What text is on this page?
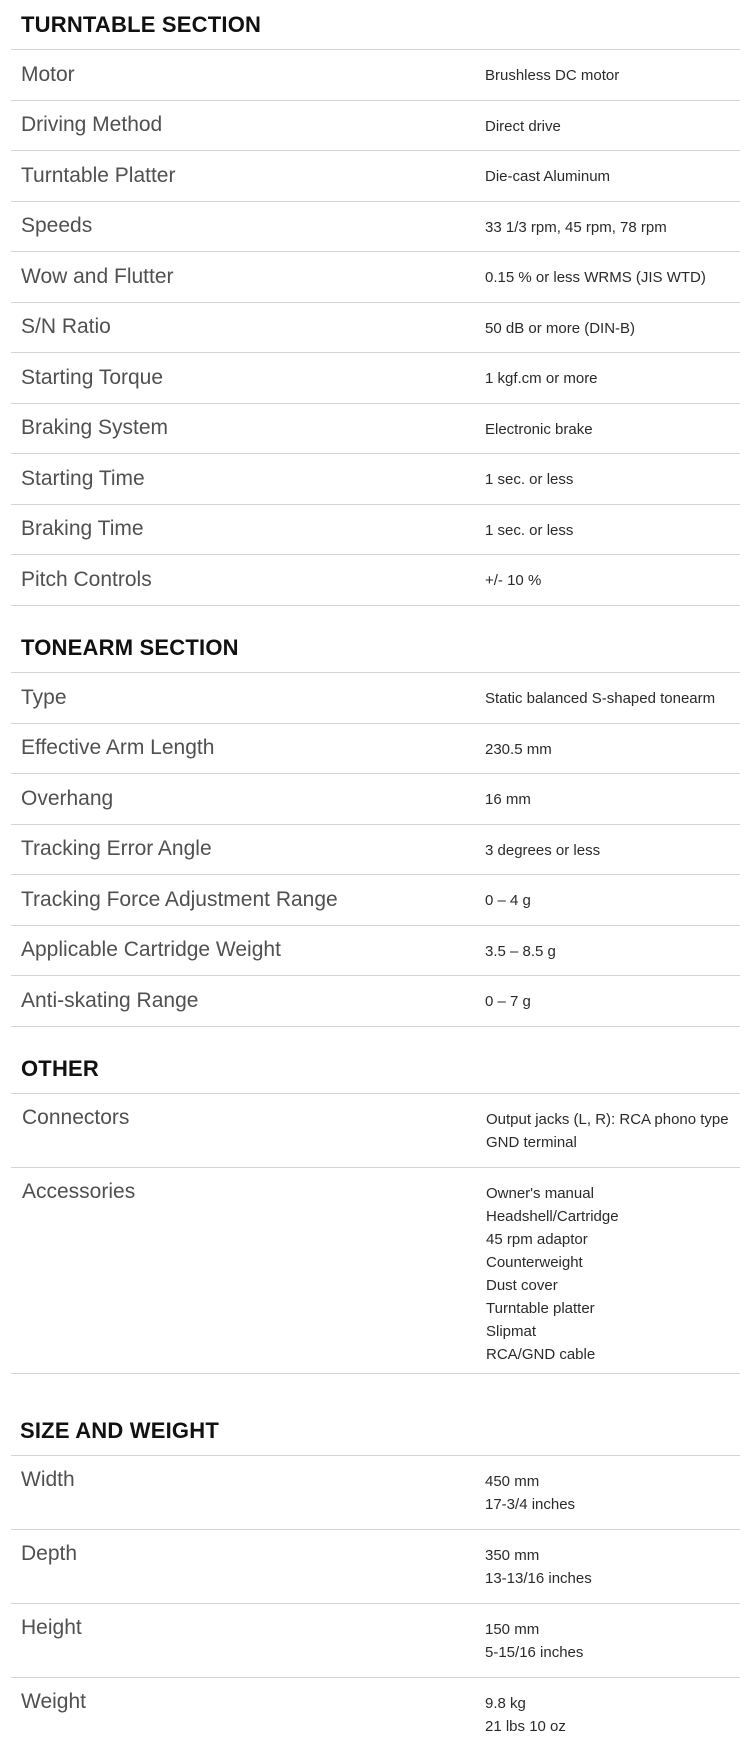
TURNTABLE SECTION
Motor	Brushless DC motor
Driving Method	Direct drive
Turntable Platter	Die-cast Aluminum
Speeds	33 1/3 rpm, 45 rpm, 78 rpm
Wow and Flutter	0.15 % or less WRMS (JIS WTD)
S/N Ratio	50 dB or more (DIN-B)
Starting Torque	1 kgf.cm or more
Braking System	Electronic brake
Starting Time	1 sec. or less
Braking Time	1 sec. or less
Pitch Controls	+/- 10 %
TONEARM SECTION
Type	Static balanced S-shaped tonearm
Effective Arm Length	230.5 mm
Overhang	16 mm
Tracking Error Angle	3 degrees or less
Tracking Force Adjustment Range	0 – 4 g
Applicable Cartridge Weight	3.5 – 8.5 g
Anti-skating Range	0 – 7 g
OTHER
Connectors	Output jacks (L, R): RCA phono type
GND terminal
Accessories	Owner's manual
Headshell/Cartridge
45 rpm adaptor
Counterweight
Dust cover
Turntable platter
Slipmat
RCA/GND cable
SIZE AND WEIGHT
Width	450 mm
17-3/4 inches
Depth	350 mm
13-13/16 inches
Height	150 mm
5-15/16 inches
Weight	9.8 kg
21 lbs 10 oz
